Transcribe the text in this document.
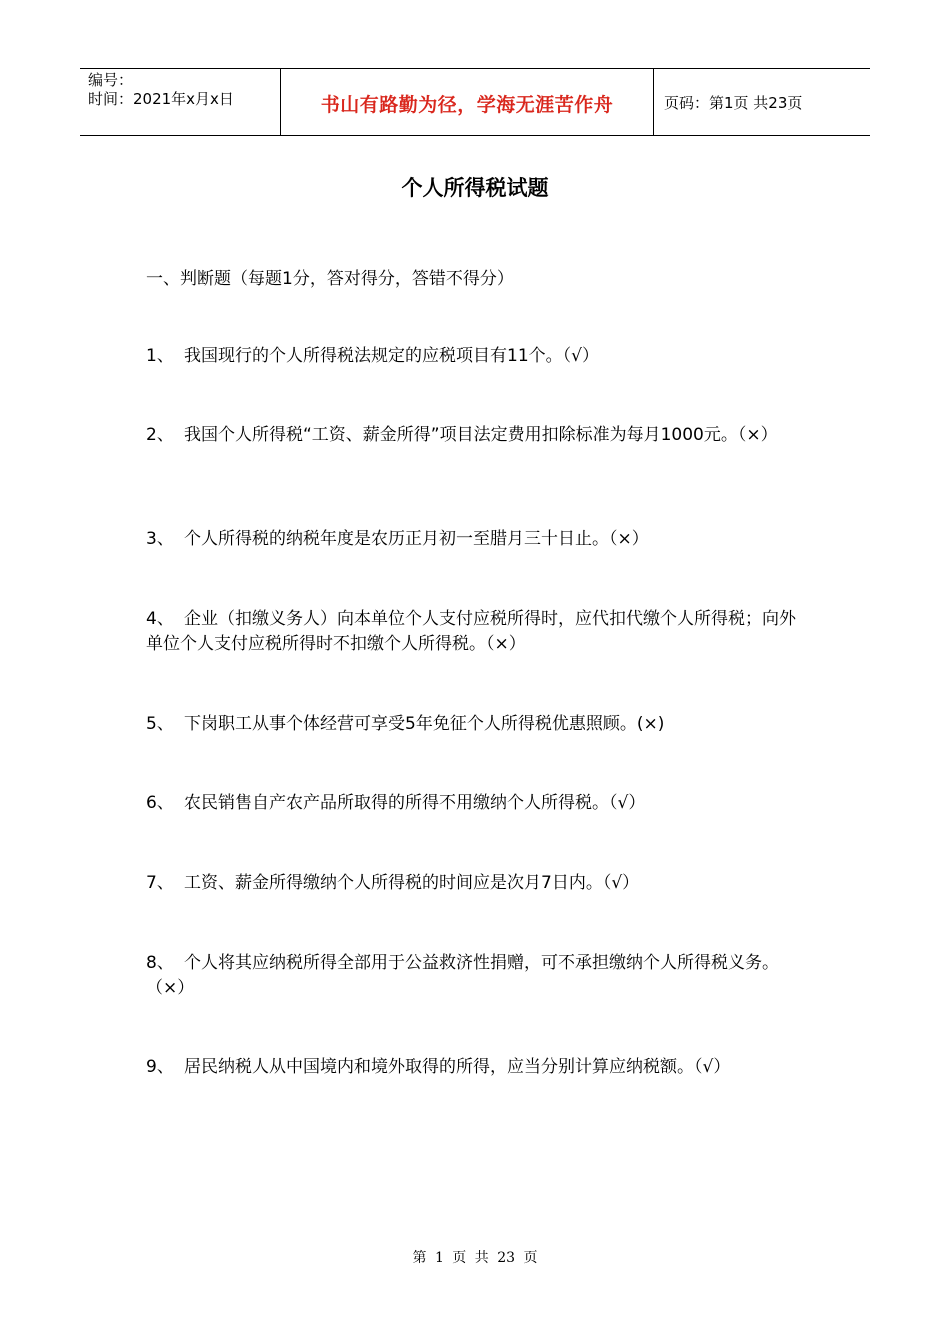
编号：
时间：2021年x月x日	书山有路勤为径，学海无涯苦作舟	页码：第1页 共23页
个人所得税试题
一、判断题（每题1分，答对得分，答错不得分）
1、 我国现行的个人所得税法规定的应税项目有11个。（√）
2、 我国个人所得税“工资、薪金所得”项目法定费用扣除标准为每月1000元。（×）
3、 个人所得税的纳税年度是农历正月初一至腊月三十日止。（×）
4、 企业（扣缴义务人）向本单位个人支付应税所得时，应代扣代缴个人所得税；向外单位个人支付应税所得时不扣缴个人所得税。（×）
5、 下岗职工从事个体经营可享受5年免征个人所得税优惠照顾。(×)
6、 农民销售自产农产品所取得的所得不用缴纳个人所得税。（√）
7、 工资、薪金所得缴纳个人所得税的时间应是次月7日内。（√）
8、 个人将其应纳税所得全部用于公益救济性捐赠，可不承担缴纳个人所得税义务。（×）
9、 居民纳税人从中国境内和境外取得的所得，应当分别计算应纳税额。（√）
第 1 页 共 23 页
